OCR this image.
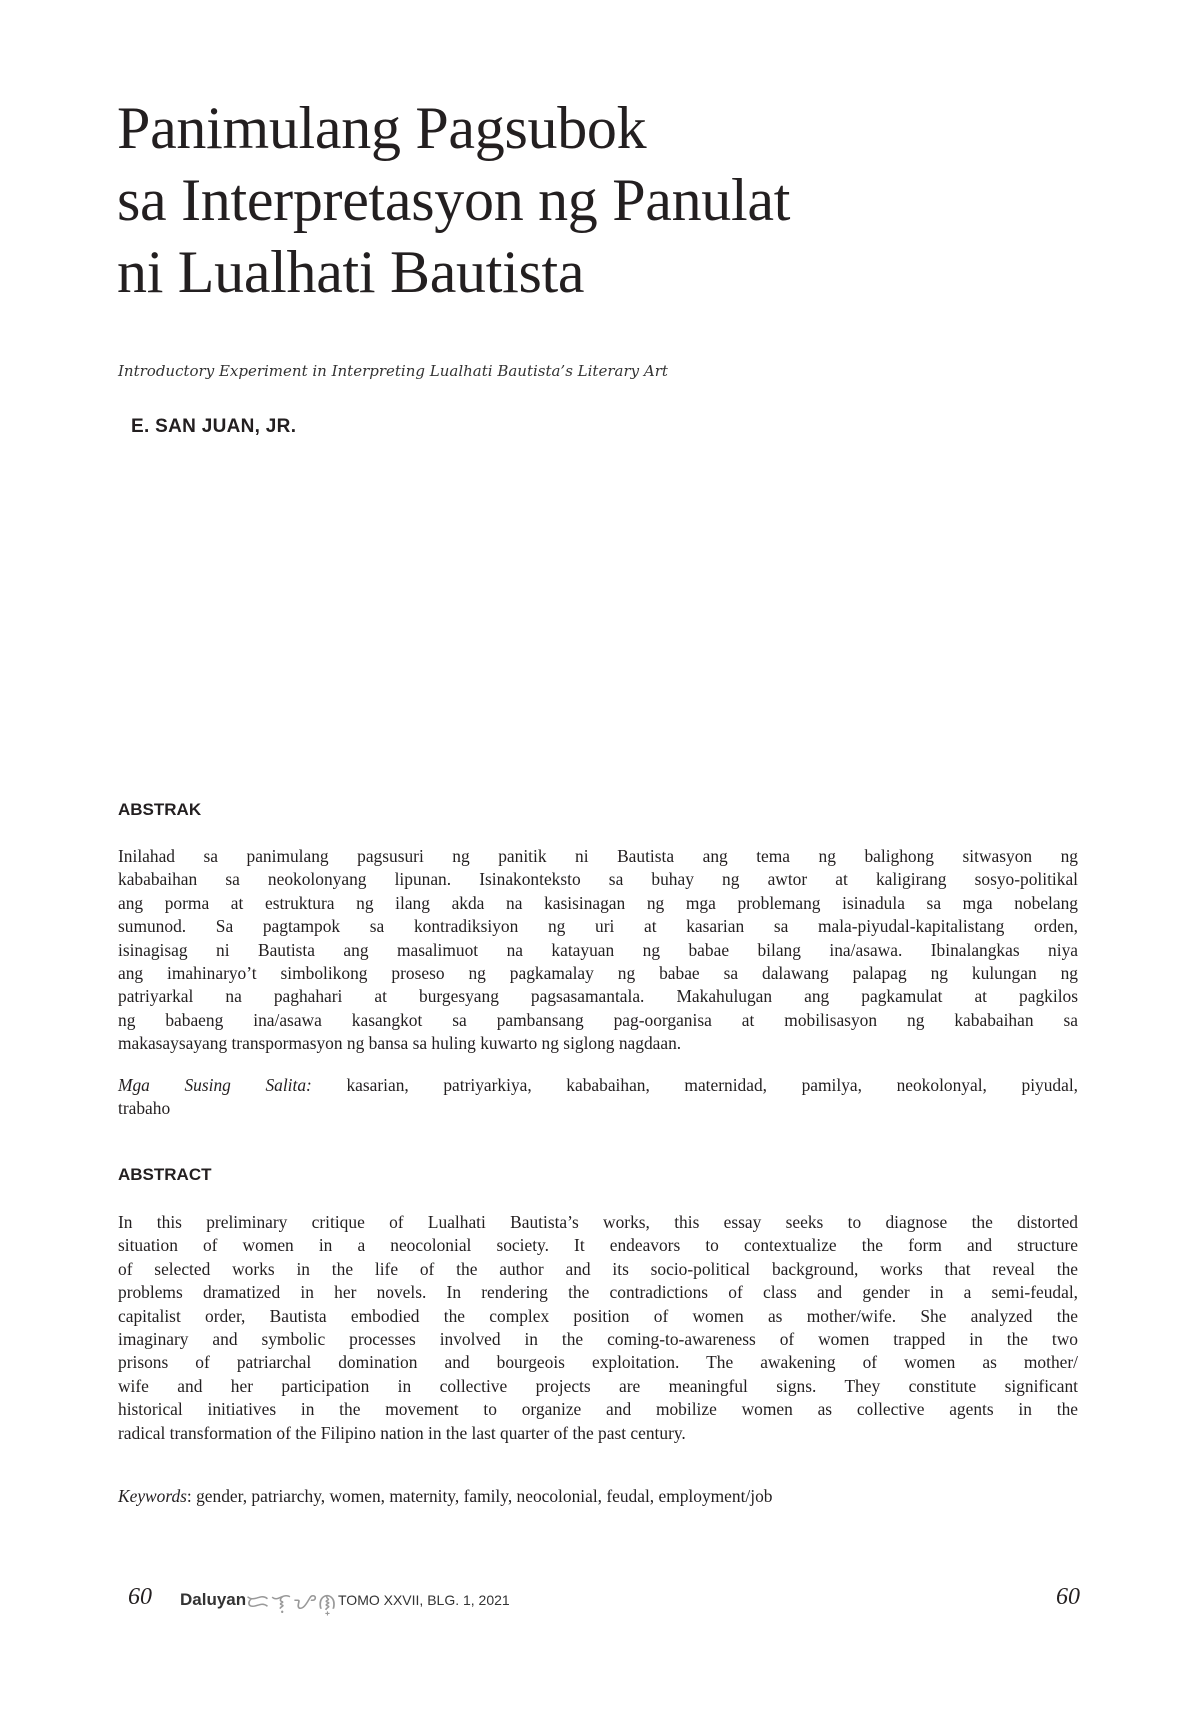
Panimulang Pagsubok
sa Interpretasyon ng Panulat
ni Lualhati Bautista
Introductory Experiment in Interpreting Lualhati Bautista’s Literary Art
E. SAN JUAN, JR.
ABSTRAK
Inilahad sa panimulang pagsusuri ng panitik ni Bautista ang tema ng balighong sitwasyon ng
kababaihan sa neokolonyang lipunan. Isinakonteksto sa buhay ng awtor at kaligirang sosyo-politikal
ang porma at estruktura ng ilang akda na kasisinagan ng mga problemang isinadula sa mga nobelang
sumunod. Sa pagtampok sa kontradiksiyon ng uri at kasarian sa mala-piyudal-kapitalistang orden,
isinagisag ni Bautista ang masalimuot na katayuan ng babae bilang ina/asawa. Ibinalangkas niya
ang imahinaryo’t simbolikong proseso ng pagkamalay ng babae sa dalawang palapag ng kulungan ng
patriyarkal na paghahari at burgesyang pagsasamantala. Makahulugan ang pagkamulat at pagkilos
ng babaeng ina/asawa kasangkot sa pambansang pag-oorganisa at mobilisasyon ng kababaihan sa
makasaysayang transpormasyon ng bansa sa huling kuwarto ng siglong nagdaan.
Mga Susing Salita: kasarian, patriyarkiya, kababaihan, maternidad, pamilya, neokolonyal, piyudal,
trabaho
ABSTRACT
In this preliminary critique of Lualhati Bautista’s works, this essay seeks to diagnose the distorted
situation of women in a neocolonial society. It endeavors to contextualize the form and structure
of selected works in the life of the author and its socio-political background, works that reveal the
problems dramatized in her novels. In rendering the contradictions of class and gender in a semi-feudal,
capitalist order, Bautista embodied the complex position of women as mother/wife. She analyzed the
imaginary and symbolic processes involved in the coming-to-awareness of women trapped in the two
prisons of patriarchal domination and bourgeois exploitation. The awakening of women as mother/
wife and her participation in collective projects are meaningful signs. They constitute significant
historical initiatives in the movement to organize and mobilize women as collective agents in the
radical transformation of the Filipino nation in the last quarter of the past century.
Keywords: gender, patriarchy, women, maternity, family, neocolonial, feudal, employment/job
60 Daluyan ᜇᜎᜓᜌᜈ᜔ TOMO XXVII, BLG. 1, 2021	60
